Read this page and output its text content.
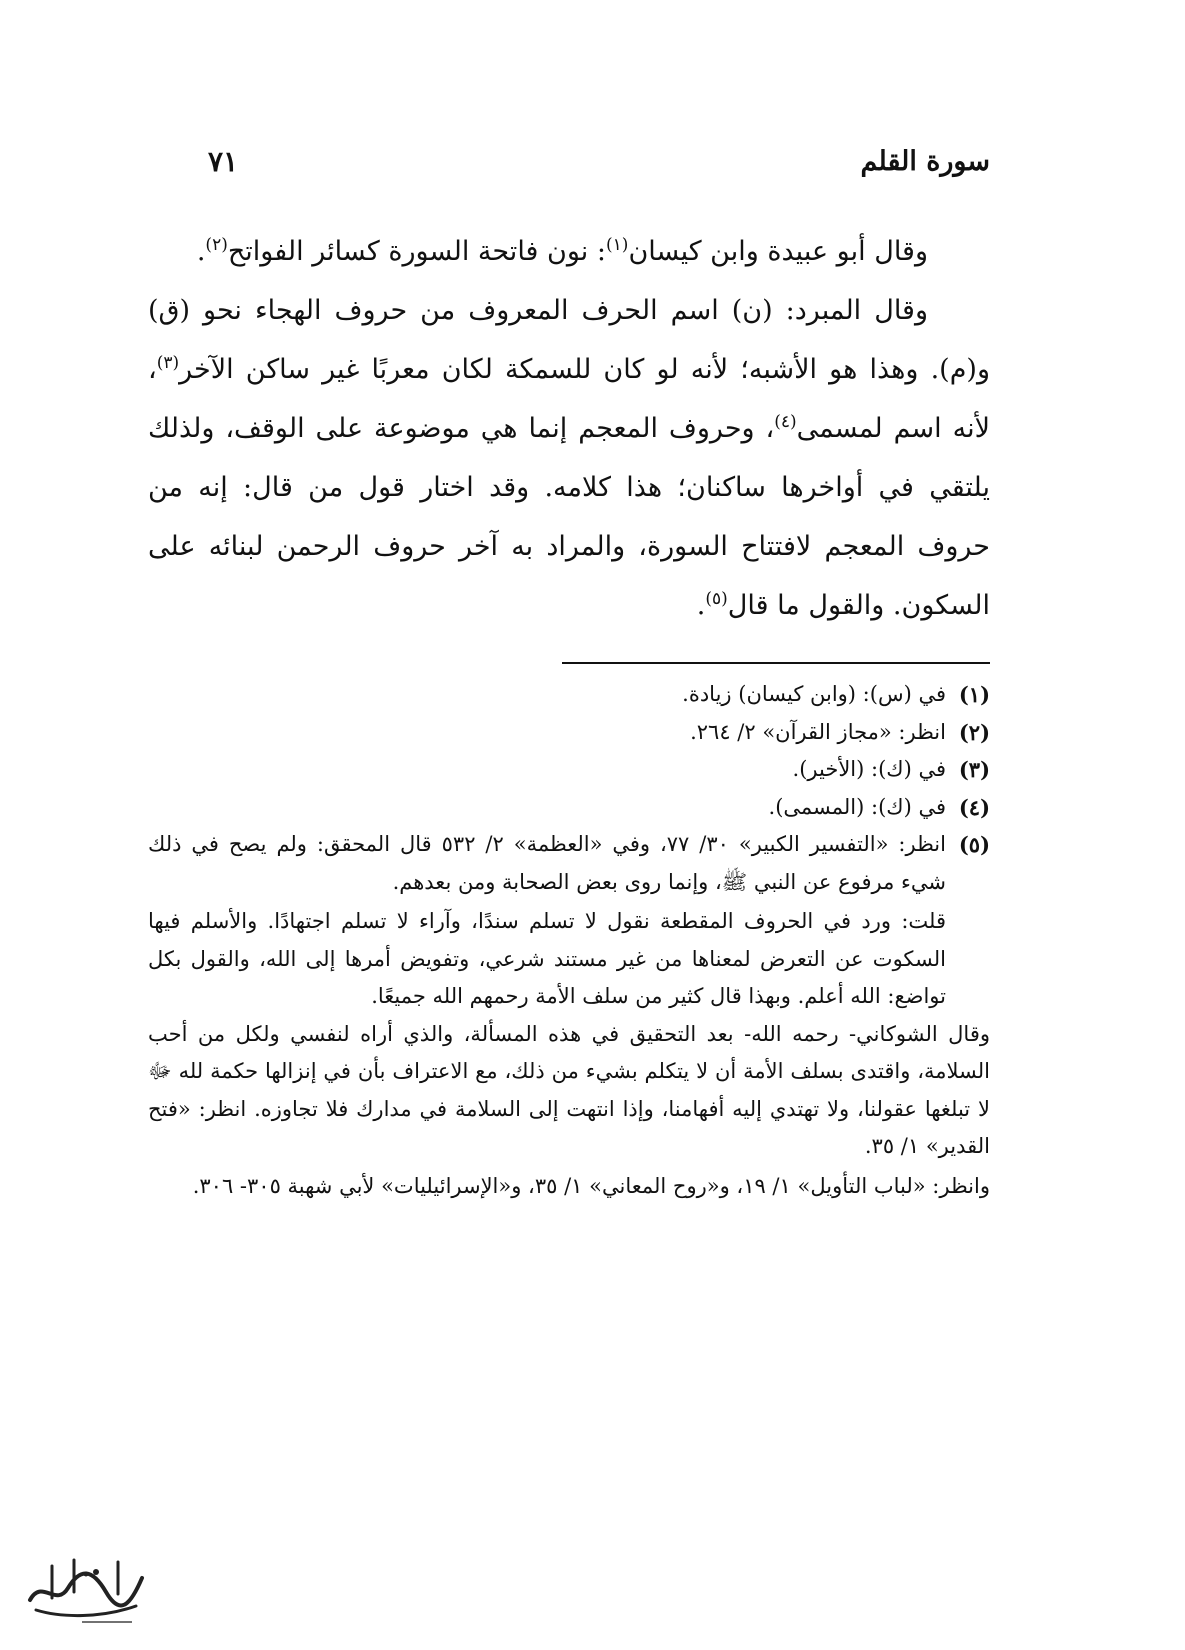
سورة القلم
٧١

وقال أبو عبيدة وابن كيسان$^{(١)}$: نون فاتحة السورة كسائر الفواتح$^{(٢)}$.

وقال المبرد: (ن) اسم الحرف المعروف من حروف الهجاء نحو (ق) و(م). وهذا هو الأشبه؛ لأنه لو كان للسمكة لكان معربًا غير ساكن الآخر$^{(٣)}$، لأنه اسم لمسمى$^{(٤)}$، وحروف المعجم إنما هي موضوعة على الوقف، ولذلك يلتقي في أواخرها ساكنان؛ هذا كلامه. وقد اختار قول من قال: إنه من حروف المعجم لافتتاح السورة، والمراد به آخر حروف الرحمن لبنائه على السكون. والقول ما قال$^{(٥)}$.

(١)

في (س): (وابن كيسان) زيادة.

(٢)

انظر: «مجاز القرآن» ٢/ ٢٦٤.

(٣)

في (ك): (الأخير).

(٤)

في (ك): (المسمى).

(٥)

انظر: «التفسير الكبير» ٣٠/ ٧٧، وفي «العظمة» ٢/ ٥٣٢ قال المحقق: ولم يصح في ذلك شيء مرفوع عن النبي ﷺ، وإنما روى بعض الصحابة ومن بعدهم.

قلت: ورد في الحروف المقطعة نقول لا تسلم سندًا، وآراء لا تسلم اجتهادًا. والأسلم فيها السكوت عن التعرض لمعناها من غير مستند شرعي، وتفويض أمرها إلى الله، والقول بكل تواضع: الله أعلم. وبهذا قال كثير من سلف الأمة رحمهم الله جميعًا.

وقال الشوكاني- رحمه الله- بعد التحقيق في هذه المسألة، والذي أراه لنفسي ولكل من أحب السلامة، واقتدى بسلف الأمة أن لا يتكلم بشيء من ذلك، مع الاعتراف بأن في إنزالها حكمة لله ﷻ لا تبلغها عقولنا، ولا تهتدي إليه أفهامنا، وإذا انتهت إلى السلامة في مدارك فلا تجاوزه. انظر: «فتح القدير» ١/ ٣٥.

وانظر: «لباب التأويل» ١/ ١٩، و«روح المعاني» ١/ ٣٥، و«الإسرائيليات» لأبي شهبة ٣٠٥- ٣٠٦.
